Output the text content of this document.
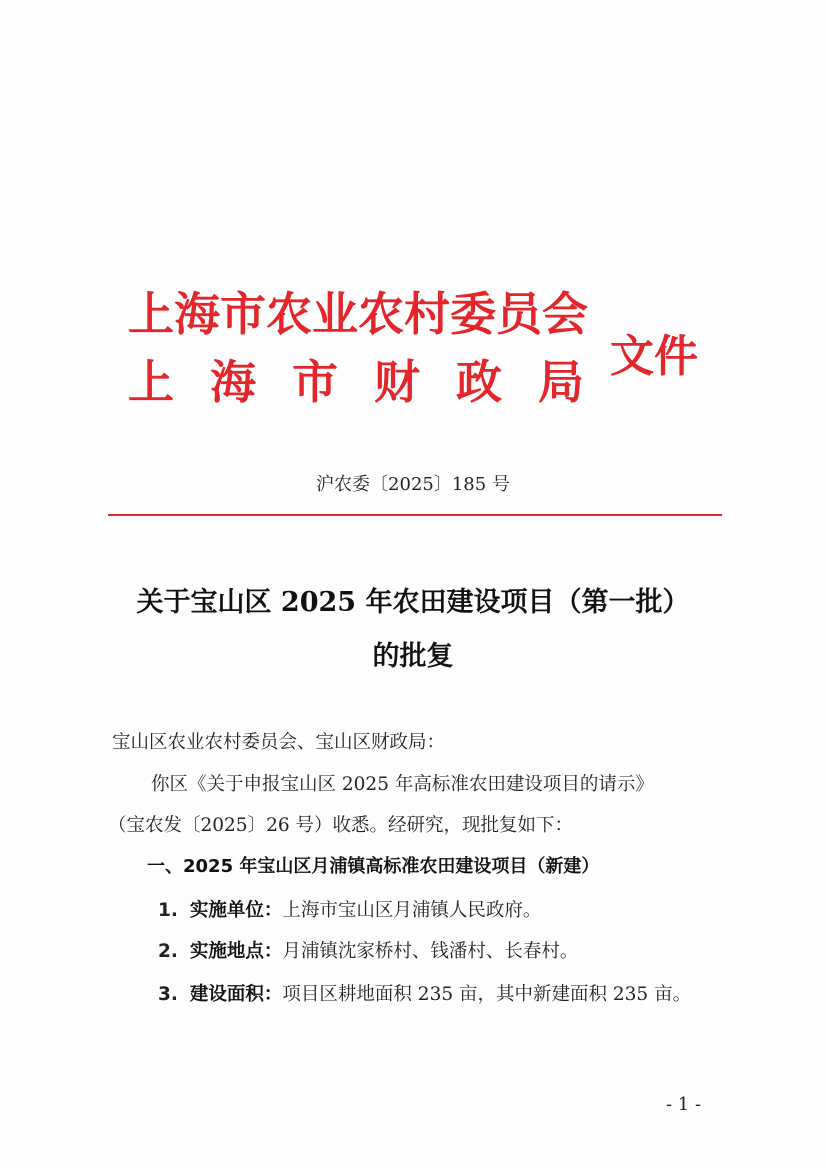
上海市农业农村委员会
上 海 市 财 政 局 文件
沪农委〔2025〕185 号
关于宝山区 2025 年农田建设项目（第一批）
的批复
宝山区农业农村委员会、宝山区财政局：
你区《关于申报宝山区 2025 年高标准农田建设项目的请示》
（宝农发〔2025〕26 号）收悉。经研究，现批复如下：
一、2025 年宝山区月浦镇高标准农田建设项目（新建）
1. 实施单位：上海市宝山区月浦镇人民政府。
2. 实施地点：月浦镇沈家桥村、钱潘村、长春村。
3. 建设面积：项目区耕地面积 235 亩，其中新建面积 235 亩。
- 1 -
